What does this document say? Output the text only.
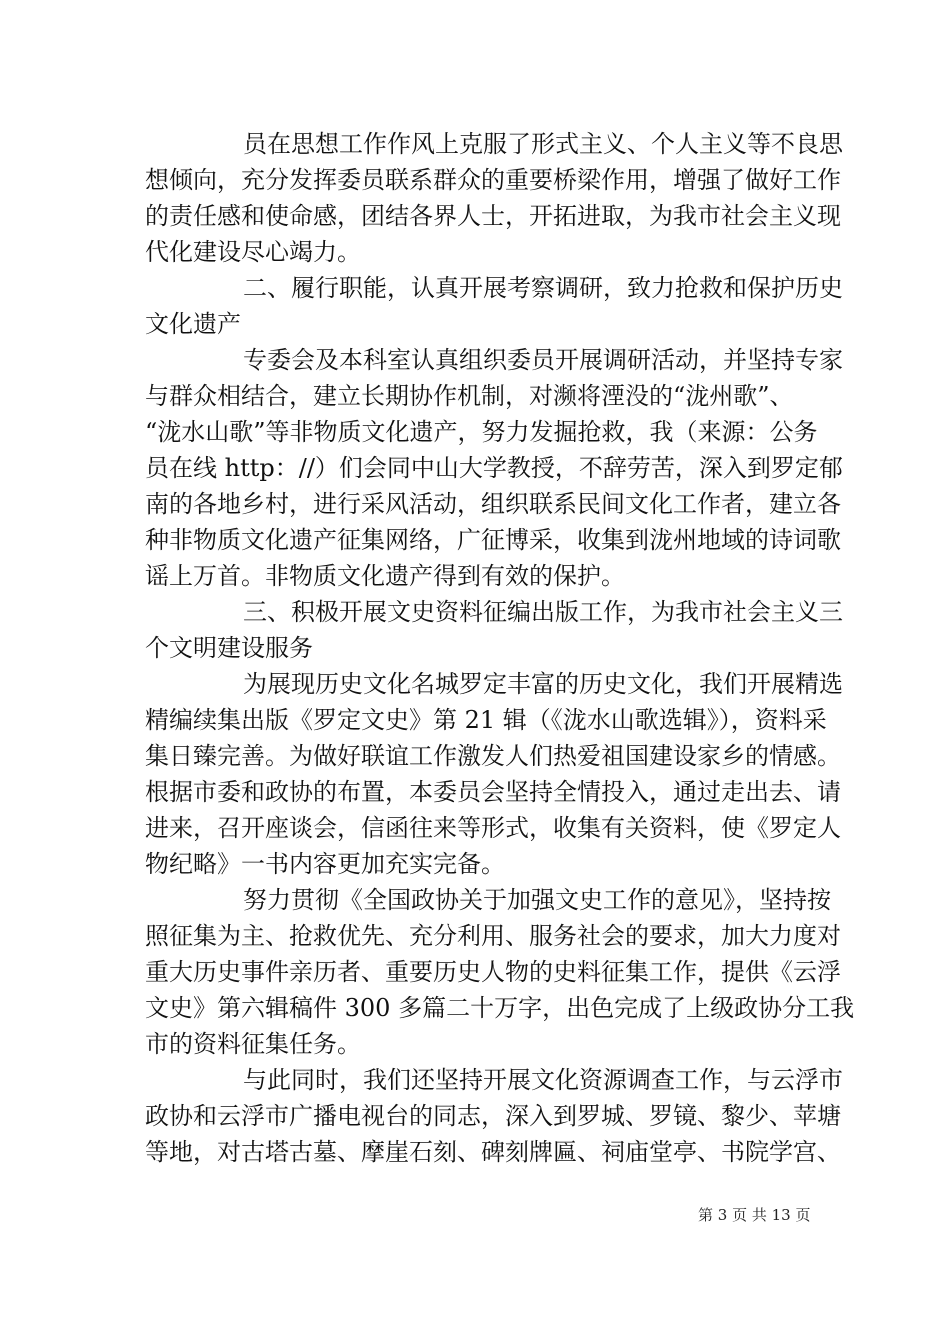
员在思想工作作风上克服了形式主义、个人主义等不良思
想倾向，充分发挥委员联系群众的重要桥梁作用，增强了做好工作
的责任感和使命感，团结各界人士，开拓进取，为我市社会主义现
代化建设尽心竭力。
二、履行职能，认真开展考察调研，致力抢救和保护历史
文化遗产
专委会及本科室认真组织委员开展调研活动，并坚持专家
与群众相结合，建立长期协作机制，对濒将湮没的“泷州歌”、
“泷水山歌”等非物质文化遗产，努力发掘抢救，我（来源：公务
员在线 http：//）们会同中山大学教授，不辞劳苦，深入到罗定郁
南的各地乡村，进行采风活动，组织联系民间文化工作者，建立各
种非物质文化遗产征集网络，广征博采，收集到泷州地域的诗词歌
谣上万首。非物质文化遗产得到有效的保护。
三、积极开展文史资料征编出版工作，为我市社会主义三
个文明建设服务
为展现历史文化名城罗定丰富的历史文化，我们开展精选
精编续集出版《罗定文史》第 21 辑（《泷水山歌选辑》），资料采
集日臻完善。为做好联谊工作激发人们热爱祖国建设家乡的情感。
根据市委和政协的布置，本委员会坚持全情投入，通过走出去、请
进来，召开座谈会，信函往来等形式，收集有关资料，使《罗定人
物纪略》一书内容更加充实完备。
努力贯彻《全国政协关于加强文史工作的意见》，坚持按
照征集为主、抢救优先、充分利用、服务社会的要求，加大力度对
重大历史事件亲历者、重要历史人物的史料征集工作，提供《云浮
文史》第六辑稿件 300 多篇二十万字，出色完成了上级政协分工我
市的资料征集任务。
与此同时，我们还坚持开展文化资源调查工作，与云浮市
政协和云浮市广播电视台的同志，深入到罗城、罗镜、黎少、苹塘
等地，对古塔古墓、摩崖石刻、碑刻牌匾、祠庙堂亭、书院学宫、
第 3 页 共 13 页
